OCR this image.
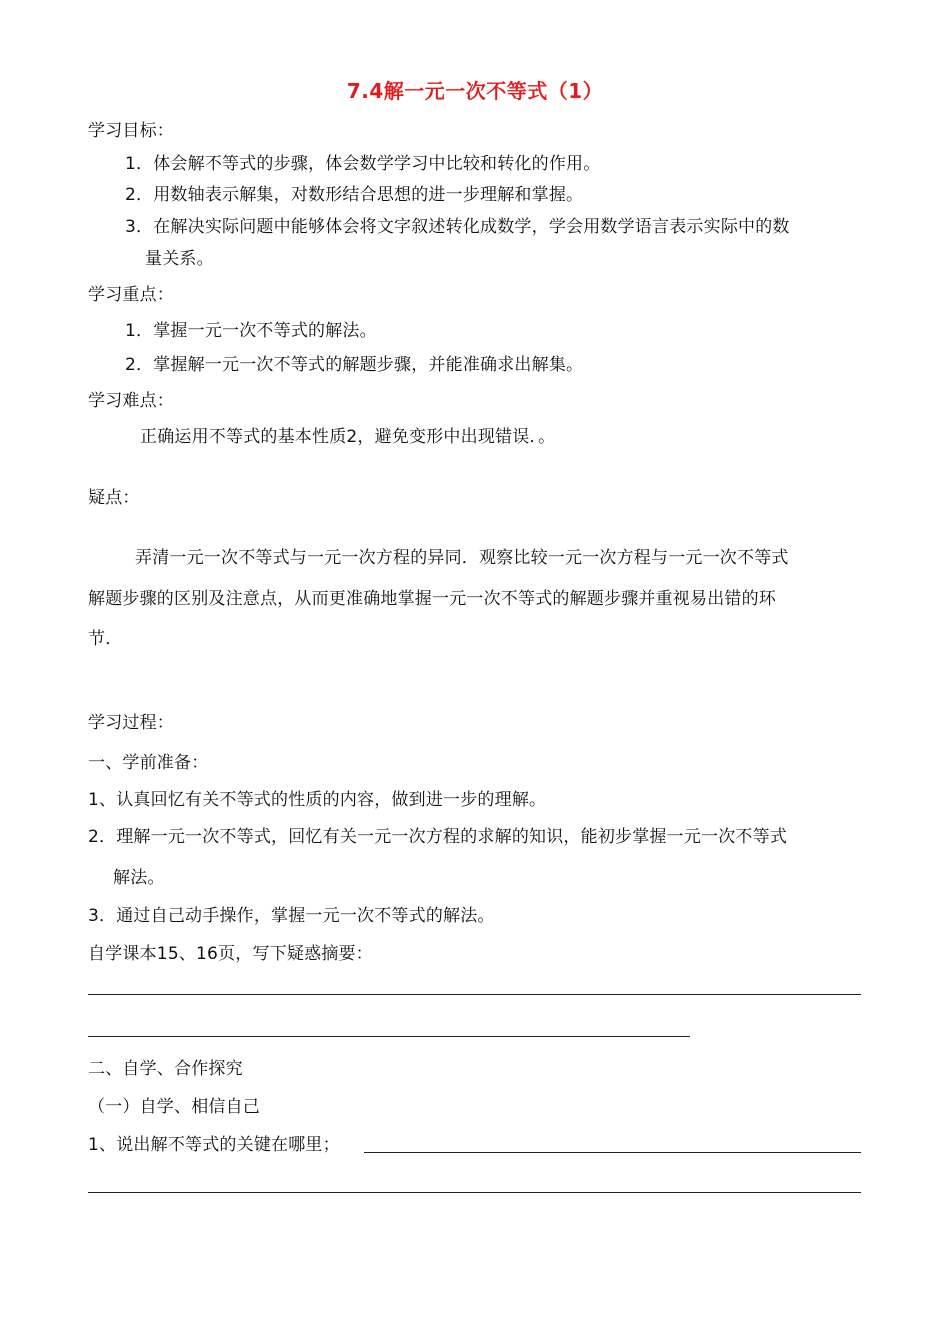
7.4解一元一次不等式（1）
学习目标：
1．体会解不等式的步骤，体会数学学习中比较和转化的作用。
2．用数轴表示解集，对数形结合思想的进一步理解和掌握。
3．在解决实际问题中能够体会将文字叙述转化成数学，学会用数学语言表示实际中的数
量关系。
学习重点：
1．掌握一元一次不等式的解法。
2．掌握解一元一次不等式的解题步骤，并能准确求出解集。
学习难点：
正确运用不等式的基本性质2，避免变形中出现错误．。
疑点：
弄清一元一次不等式与一元一次方程的异同．观察比较一元一次方程与一元一次不等式
解题步骤的区别及注意点，从而更准确地掌握一元一次不等式的解题步骤并重视易出错的环
节．
学习过程：
一、学前准备：
1、认真回忆有关不等式的性质的内容，做到进一步的理解。
2．理解一元一次不等式，回忆有关一元一次方程的求解的知识，能初步掌握一元一次不等式
解法。
3．通过自己动手操作，掌握一元一次不等式的解法。
自学课本15、16页，写下疑惑摘要：
二、自学、合作探究
（一）自学、相信自己
1、说出解不等式的关键在哪里；
